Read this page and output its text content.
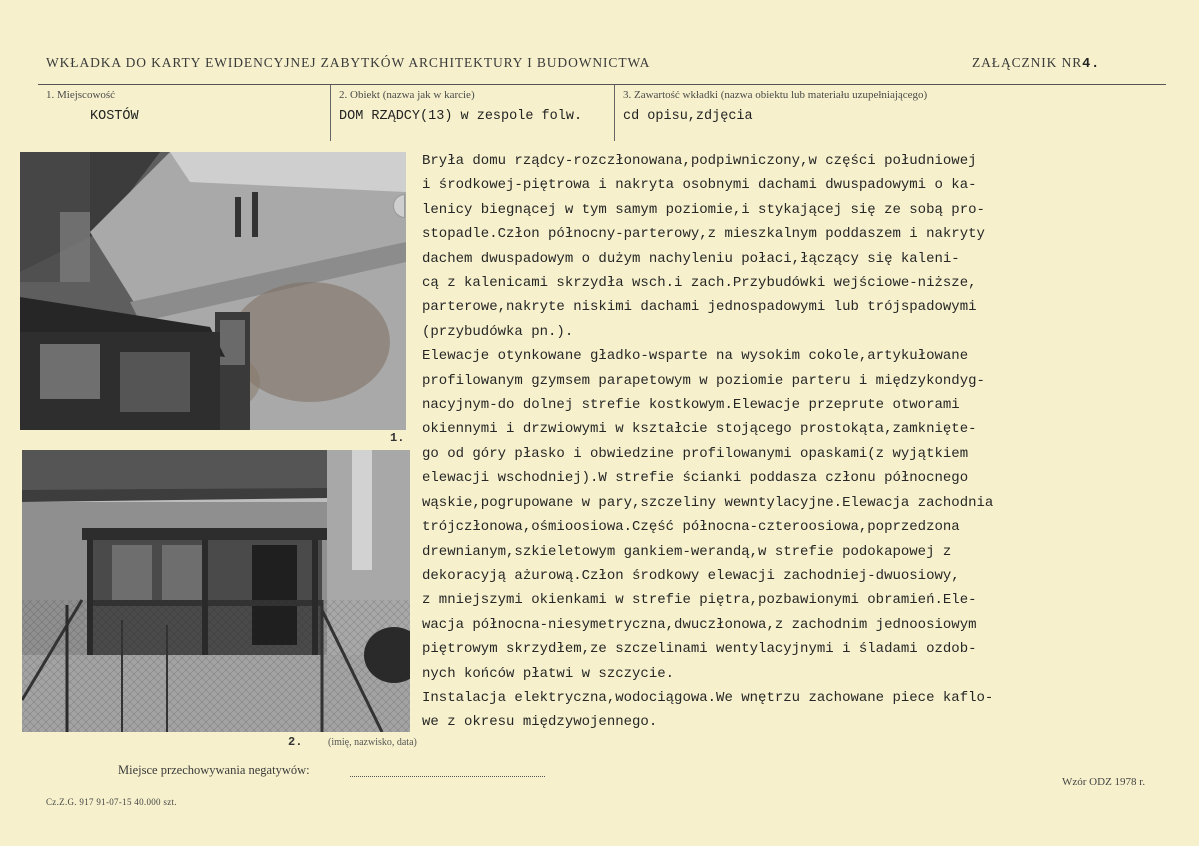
WKŁADKA DO KARTY EWIDENCYJNEJ ZABYTKÓW ARCHITEKTURY I BUDOWNICTWA	ZAŁĄCZNIK NR4.
1. Miejscowość
KOSTÓW
2. Obiekt (nazwa jak w karcie)
DOM RZĄDCY(13) w zespole folw.
3. Zawartość wkładki (nazwa obiektu lub materiału uzupełniającego)
cd opisu,zdjęcia
1.
2.
Bryła domu rządcy-rozczłonowana,podpiwniczony,w części południowej
i środkowej-piętrowa i nakryta osobnymi dachami dwuspadowymi o ka-
lenicy biegnącej w tym samym poziomie,i stykającej się ze sobą pro-
stopadle.Człon północny-parterowy,z mieszkalnym poddaszem i nakryty
dachem dwuspadowym o dużym nachyleniu połaci,łączący się kaleni-
cą z kalenicami skrzydła wsch.i zach.Przybudówki wejściowe-niższe,
parterowe,nakryte niskimi dachami jednospadowymi lub trójspadowymi
(przybudówka pn.).
Elewacje otynkowane gładko-wsparte na wysokim cokole,artykułowane
profilowanym gzymsem parapetowym w poziomie parteru i międzykondyg-
nacyjnym-do dolnej strefie kostkowym.Elewacje przeprute otworami
okiennymi i drzwiowymi w kształcie stojącego prostokąta,zamknięte-
go od góry płasko i obwiedzine profilowanymi opaskami(z wyjątkiem
elewacji wschodniej).W strefie ścianki poddasza członu północnego
wąskie,pogrupowane w pary,szczeliny wewntylacyjne.Elewacja zachodnia
trójczłonowa,ośmioosiowa.Część północna-czteroosiowa,poprzedzona
drewnianym,szkieletowym gankiem-werandą,w strefie podokapowej z
dekoracyją ażurową.Człon środkowy elewacji zachodniej-dwuosiowy,
z mniejszymi okienkami w strefie piętra,pozbawionymi obramień.Ele-
wacja północna-niesymetryczna,dwuczłonowa,z zachodnim jednoosiowym
piętrowym skrzydłem,ze szczelinami wentylacyjnymi i śladami ozdob-
nych końców płatwi w szczycie.
Instalacja elektryczna,wodociągowa.We wnętrzu zachowane piece kaflo-
we z okresu międzywojennego.
(imię, nazwisko, data)
Miejsce przechowywania negatywów:
Cz.Z.G. 917 91-07-15 40.000 szt.
Wzór ODZ 1978 r.
